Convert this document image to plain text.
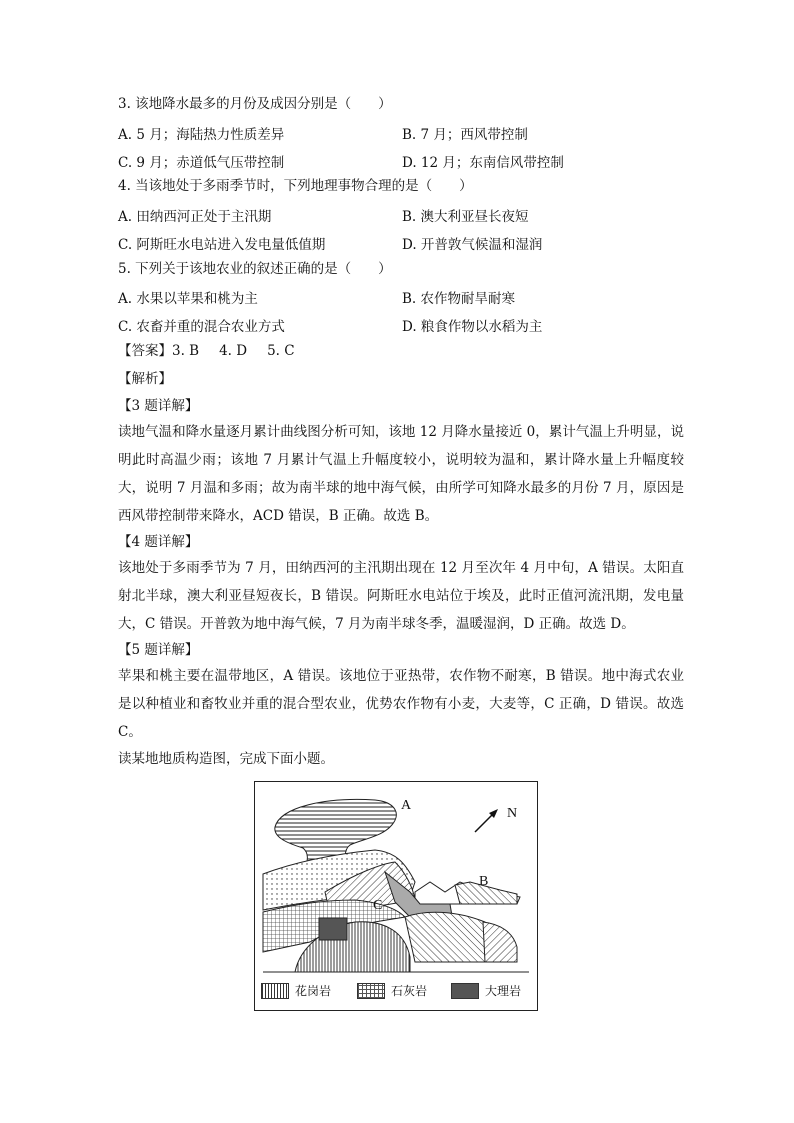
3. 该地降水最多的月份及成因分别是（　　）
A. 5 月；海陆热力性质差异	B. 7 月；西风带控制
C. 9 月；赤道低气压带控制	D. 12 月；东南信风带控制
4. 当该地处于多雨季节时，下列地理事物合理的是（　　）
A. 田纳西河正处于主汛期	B. 澳大利亚昼长夜短
C. 阿斯旺水电站进入发电量低值期	D. 开普敦气候温和湿润
5. 下列关于该地农业的叙述正确的是（　　）
A. 水果以苹果和桃为主	B. 农作物耐旱耐寒
C. 农畜并重的混合农业方式	D. 粮食作物以水稻为主
【答案】3. B 4. D 5. C
【解析】
【3 题详解】
读地气温和降水量逐月累计曲线图分析可知，该地 12 月降水量接近 0，累计气温上升明显，说明此时高温少雨；该地 7 月累计气温上升幅度较小，说明较为温和，累计降水量上升幅度较大，说明 7 月温和多雨；故为南半球的地中海气候，由所学可知降水最多的月份 7 月，原因是西风带控制带来降水，ACD 错误，B 正确。故选 B。
【4 题详解】
该地处于多雨季节为 7 月，田纳西河的主汛期出现在 12 月至次年 4 月中旬，A 错误。太阳直射北半球，澳大利亚昼短夜长，B 错误。阿斯旺水电站位于埃及，此时正值河流汛期，发电量大，C 错误。开普敦为地中海气候，7 月为南半球冬季，温暖湿润，D 正确。故选 D。
【5 题详解】
苹果和桃主要在温带地区，A 错误。该地位于亚热带，农作物不耐寒，B 错误。地中海式农业是以种植业和畜牧业并重的混合型农业，优势农作物有小麦，大麦等，C 正确，D 错误。故选 C。
读某地地质构造图，完成下面小题。
A
B
C
N
花岗岩	石灰岩	大理岩
